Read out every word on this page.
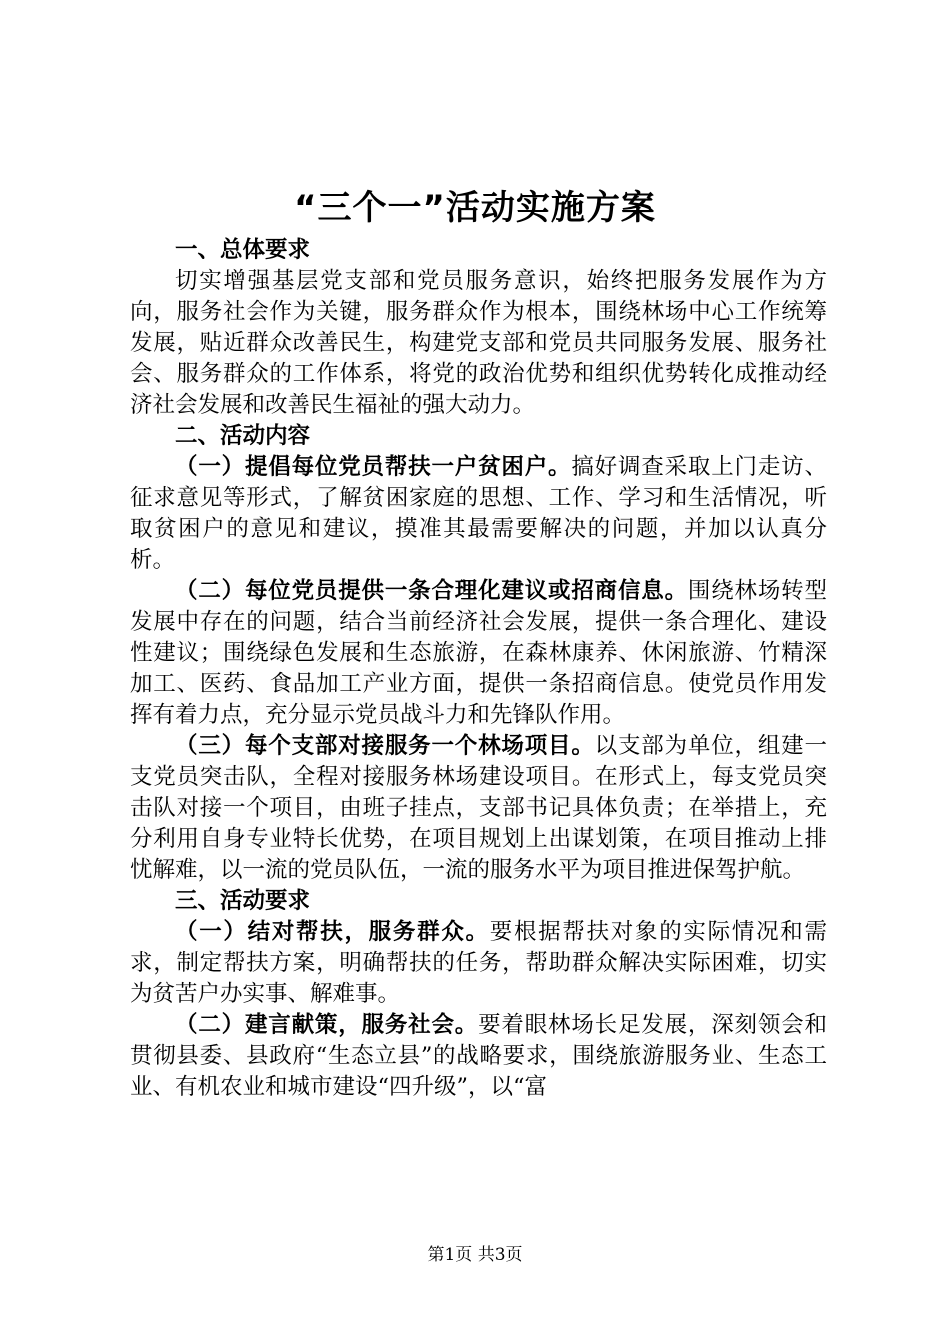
“三个一”活动实施方案
一、总体要求

切实增强基层党支部和党员服务意识，始终把服务发展作为方向，服务社会作为关键，服务群众作为根本，围绕林场中心工作统筹发展，贴近群众改善民生，构建党支部和党员共同服务发展、服务社会、服务群众的工作体系，将党的政治优势和组织优势转化成推动经济社会发展和改善民生福祉的强大动力。

二、活动内容

（一）提倡每位党员帮扶一户贫困户。搞好调查采取上门走访、征求意见等形式，了解贫困家庭的思想、工作、学习和生活情况，听取贫困户的意见和建议，摸准其最需要解决的问题，并加以认真分析。

（二）每位党员提供一条合理化建议或招商信息。围绕林场转型发展中存在的问题，结合当前经济社会发展，提供一条合理化、建设性建议；围绕绿色发展和生态旅游，在森林康养、休闲旅游、竹精深加工、医药、食品加工产业方面，提供一条招商信息。使党员作用发挥有着力点，充分显示党员战斗力和先锋队作用。

（三）每个支部对接服务一个林场项目。以支部为单位，组建一支党员突击队，全程对接服务林场建设项目。在形式上，每支党员突击队对接一个项目，由班子挂点，支部书记具体负责；在举措上，充分利用自身专业特长优势，在项目规划上出谋划策，在项目推动上排忧解难，以一流的党员队伍，一流的服务水平为项目推进保驾护航。

三、活动要求

（一）结对帮扶，服务群众。要根据帮扶对象的实际情况和需求，制定帮扶方案，明确帮扶的任务，帮助群众解决实际困难，切实为贫苦户办实事、解难事。

（二）建言献策，服务社会。要着眼林场长足发展，深刻领会和贯彻县委、县政府“生态立县”的战略要求，围绕旅游服务业、生态工业、有机农业和城市建设“四升级”，以“富

第1页 共3页
